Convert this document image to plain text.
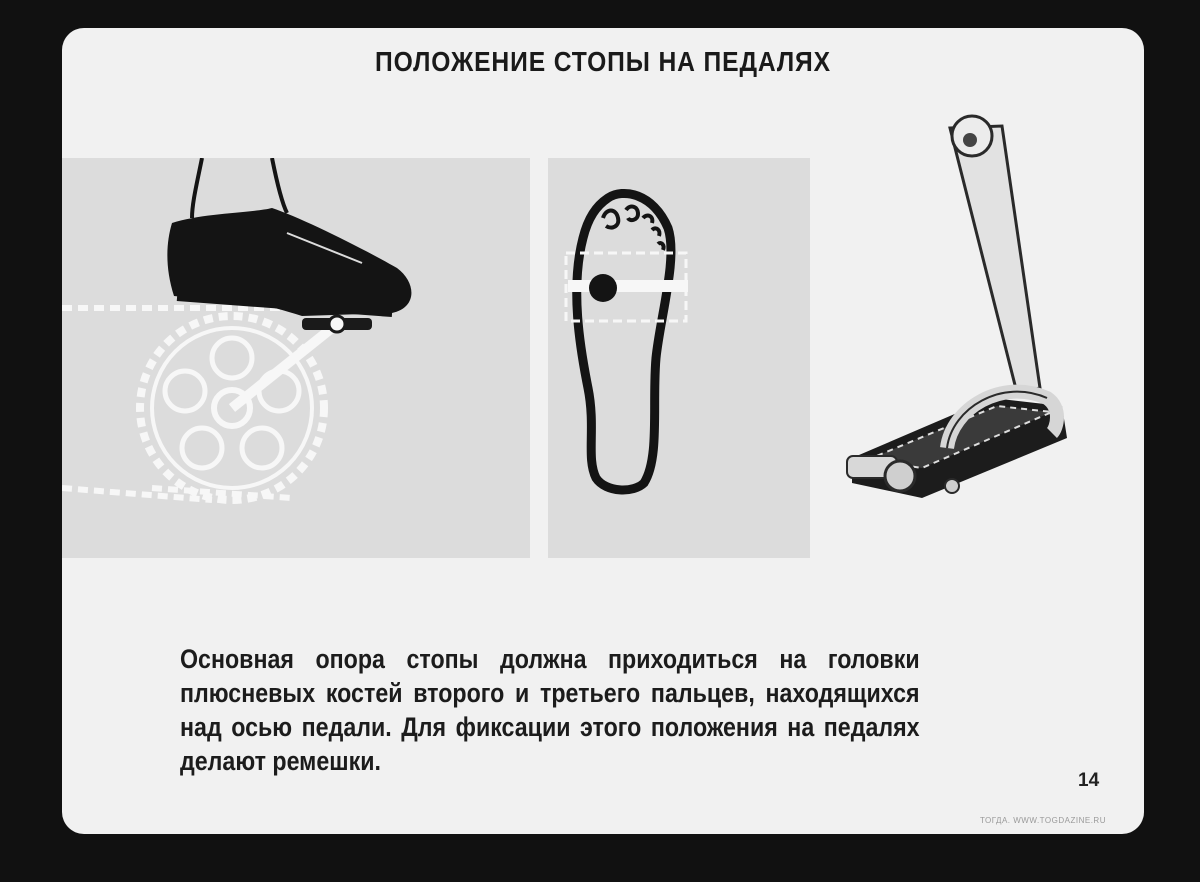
ПОЛОЖЕНИЕ СТОПЫ НА ПЕДАЛЯХ
Основная опора стопы должна приходиться на головки плюсневых костей второго и третьего пальцев, находящихся над осью педали. Для фиксации этого положения на педалях делают ремешки.
14
ТОГДА. WWW.TOGDAZINE.RU
